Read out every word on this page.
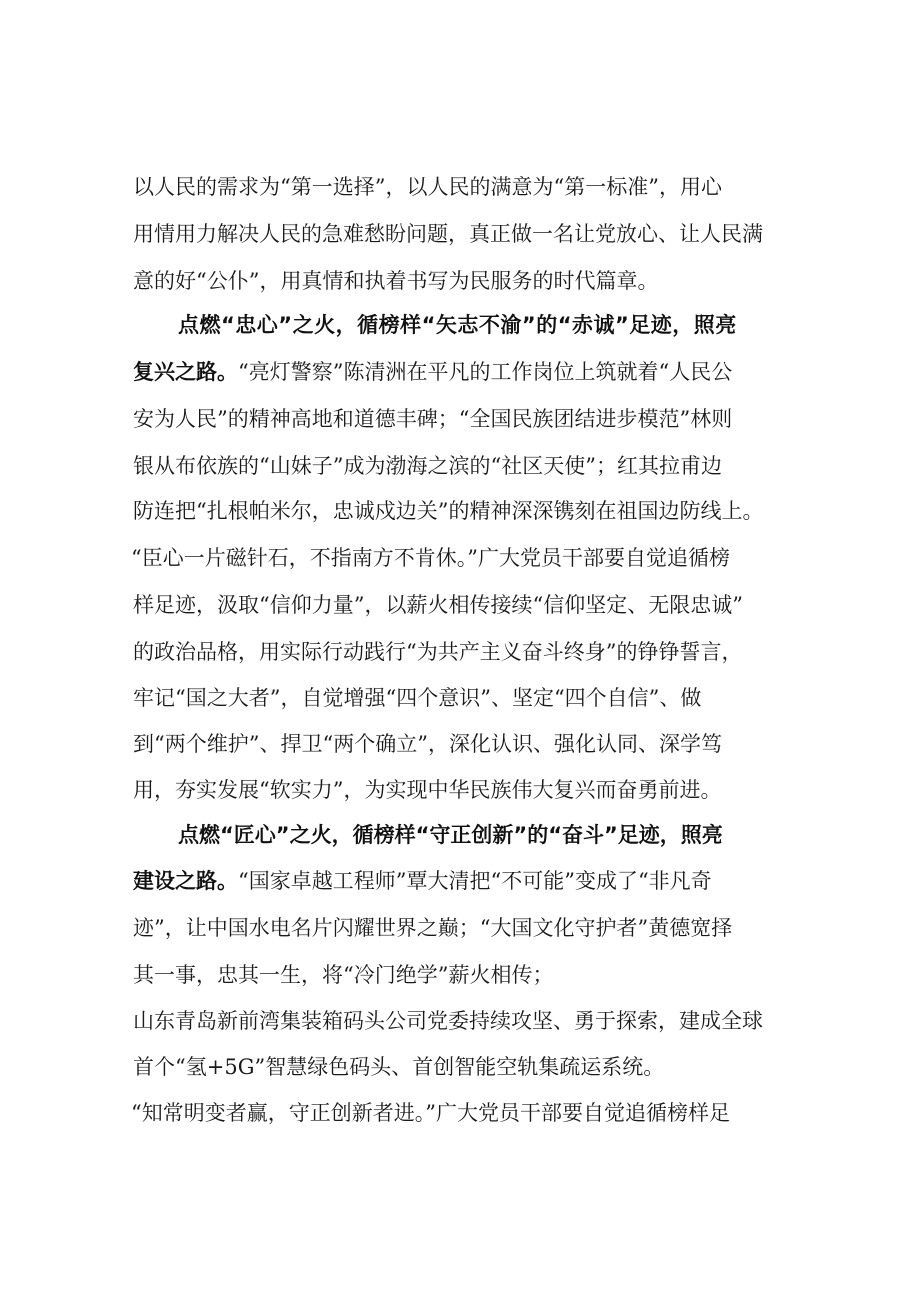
以人民的需求为“第一选择”，以人民的满意为“第一标准”，用心
用情用力解决人民的急难愁盼问题，真正做一名让党放心、让人民满
意的好“公仆”，用真情和执着书写为民服务的时代篇章。
点燃“忠心”之火，循榜样“矢志不渝”的“赤诚”足迹，照亮
复兴之路。“亮灯警察”陈清洲在平凡的工作岗位上筑就着“人民公
安为人民”的精神高地和道德丰碑；“全国民族团结进步模范”林则
银从布依族的“山妹子”成为渤海之滨的“社区天使”；红其拉甫边
防连把“扎根帕米尔，忠诚戍边关”的精神深深镌刻在祖国边防线上。
“臣心一片磁针石，不指南方不肯休。”广大党员干部要自觉追循榜
样足迹，汲取“信仰力量”，以薪火相传接续“信仰坚定、无限忠诚”
的政治品格，用实际行动践行“为共产主义奋斗终身”的铮铮誓言，
牢记“国之大者”，自觉增强“四个意识”、坚定“四个自信”、做
到“两个维护”、捍卫“两个确立”，深化认识、强化认同、深学笃
用，夯实发展“软实力”，为实现中华民族伟大复兴而奋勇前进。
点燃“匠心”之火，循榜样“守正创新”的“奋斗”足迹，照亮
建设之路。“国家卓越工程师”覃大清把“不可能”变成了“非凡奇
迹”，让中国水电名片闪耀世界之巅；“大国文化守护者”黄德宽择
其一事，忠其一生，将“冷门绝学”薪火相传；
山东青岛新前湾集装箱码头公司党委持续攻坚、勇于探索，建成全球
首个“氢+5G”智慧绿色码头、首创智能空轨集疏运系统。
“知常明变者赢，守正创新者进。”广大党员干部要自觉追循榜样足
